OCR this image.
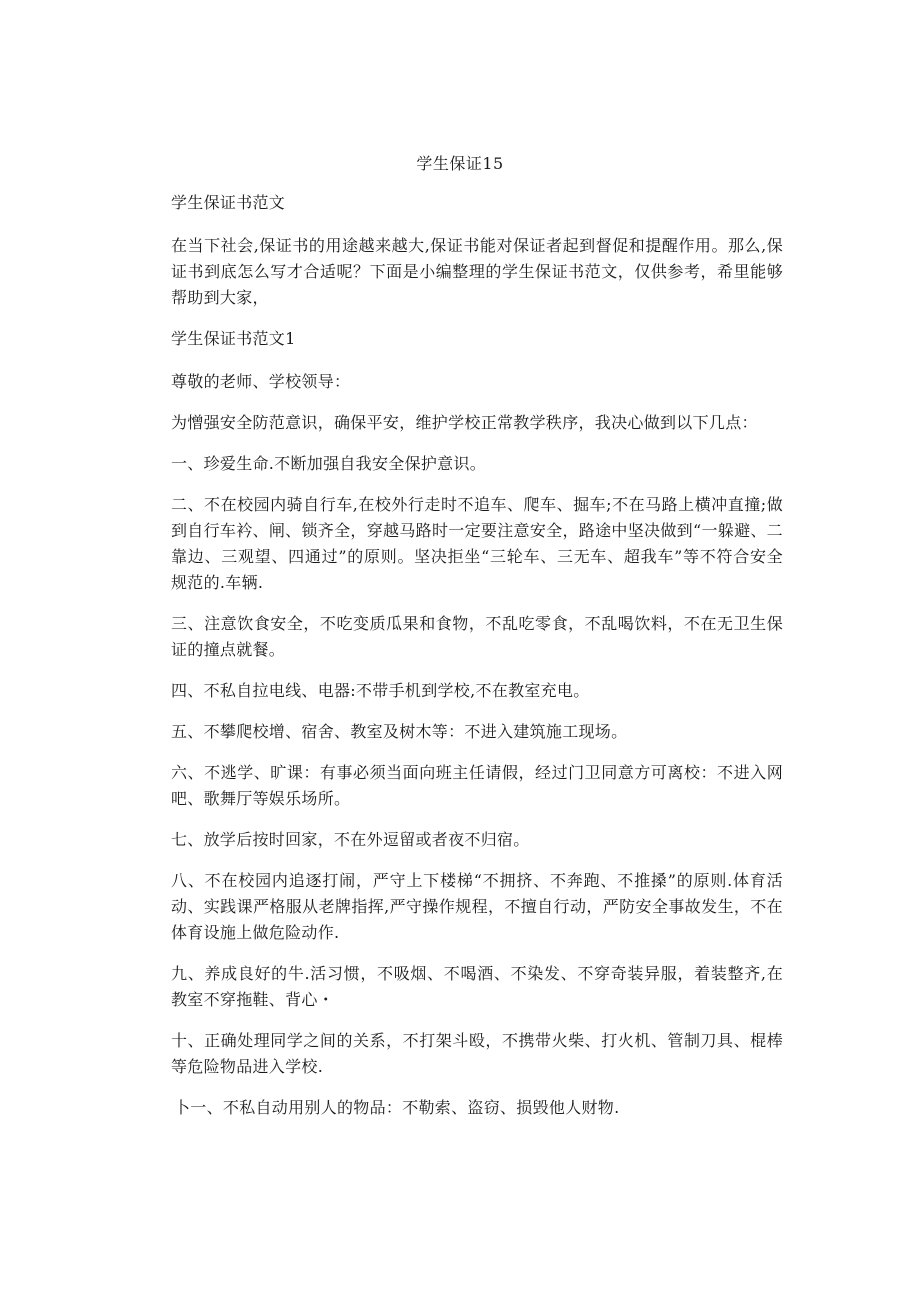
学生保证15

学生保证书范文

在当下社会,保证书的用途越来越大,保证书能对保证者起到督促和提醒作用。那么,保证书到底怎么写才合适呢？下面是小编整理的学生保证书范文，仅供参考，希里能够帮助到大家，

学生保证书范文1

尊敬的老师、学校领导：

为憎强安全防范意识，确保平安，维护学校正常教学秩序，我决心做到以下几点：

一、珍爱生命.不断加强自我安全保护意识。

二、不在校园内骑自行车,在校外行走时不追车、爬车、掘车;不在马路上横冲直撞;做到自行车衿、闸、锁齐全，穿越马路时一定要注意安全，路途中坚决做到“一躲避、二靠边、三观望、四通过”的原则。坚决拒坐“三轮车、三无车、超我车”等不符合安全规范的.车辆.

三、注意饮食安全，不吃变质瓜果和食物，不乱吃零食，不乱喝饮料，不在无卫生保证的撞点就餐。

四、不私自拉电线、电器:不带手机到学校,不在教室充电。

五、不攀爬校增、宿舍、教室及树木等：不进入建筑施工现场。

六、不逃学、旷课：有事必须当面向班主任请假，经过门卫同意方可离校：不进入网吧、歌舞厅等娱乐场所。

七、放学后按时回家，不在外逗留或者夜不归宿。

八、不在校园内追逐打闹，严守上下楼梯“不拥挤、不奔跑、不推搡”的原则.体育活动、实践课严格服从老牌指挥,严守操作规程，不擅自行动，严防安全事故发生，不在体育设施上做危险动作.

九、养成良好的牛.活习惯，不吸烟、不喝酒、不染发、不穿奇装异服，着装整齐,在教室不穿拖鞋、背心・

十、正确处理同学之间的关系，不打架斗殴，不携带火柴、打火机、管制刀具、棍棒等危险物品进入学校.

卜一、不私自动用别人的物品：不勒索、盗窃、损毁他人财物.
